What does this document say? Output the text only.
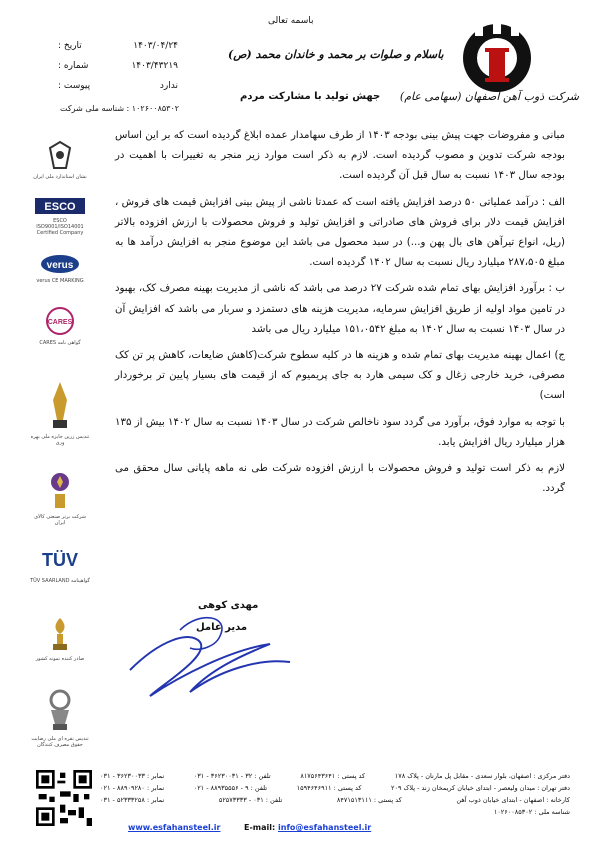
شرکت ذوب آهن اصفهان (سهامی عام)
باسمه تعالی
باسلام و صلوات بر محمد و خاندان محمد (ص)
جهش تولید با مشارکت مردم
تاریخ :	۱۴۰۳/۰۴/۲۴
شماره :	۱۴۰۳/۴۳۲۱۹
پیوست :	ندارد
۱۰۲۶۰۰۸۵۳۰۲ : شناسه ملی شرکت
نشان استاندارد ملی ایران
ESCO
ESCO ISO9001/ISO14001 Certified Company
verus
verus CE MARKING
CARES
CARES گواهی نامه
تندیس زرین جایزه ملی بهره وری
شرکت برتر صنعتی کالای ایران
TÜV
TÜV SAARLAND گواهینامه
صادر کننده نمونه کشور
تندیس نقره ای ملی رضایت حقوق مصرف کنندگان

مبانی و مفروضات جهت پیش بینی بودجه ۱۴۰۳ از طرف سهامدار عمده ابلاغ گردیده است که بر این اساس بودجه شرکت تدوین و مصوب گردیده است. لازم به ذکر است موارد زیر منجر به تغییرات با اهمیت در بودجه سال ۱۴۰۳ نسبت به سال قبل آن گردیده است.

الف : درآمد عملیاتی ۵۰ درصد افزایش یافته است که عمدتا ناشی از پیش بینی افزایش قیمت های فروش ، افزایش قیمت دلار برای فروش های صادراتی و افزایش تولید و فروش محصولات با ارزش افزوده بالاتر (ریل، انواع تیرآهن های بال پهن و...) در سبد محصول می باشد این موضوع منجر به افزایش درآمد ها به مبلغ ۲۸۷،۵۰۵ میلیارد ریال نسبت به سال ۱۴۰۲ گردیده است.

ب : برآورد افزایش بهای تمام شده شرکت ۲۷ درصد می باشد که ناشی از مدیریت بهینه مصرف کک، بهبود در تامین مواد اولیه از طریق افزایش سرمایه، مدیریت هزینه های دستمزد و سربار می باشد که افزایش آن در سال ۱۴۰۳ نسبت به سال ۱۴۰۲ به مبلغ ۱۵۱،۰۵۴۲ میلیارد ریال می باشد

ج) اعمال بهینه مدیریت بهای تمام شده و هزینه ها در کلیه سطوح شرکت(کاهش ضایعات، کاهش پر تن کک مصرفی، خرید خارجی زغال و کک سیمی هارد به جای پریمیوم که از قیمت های بسیار پایین تر برخوردار است)

با توجه به موارد فوق، برآورد می گردد سود ناخالص شرکت در سال ۱۴۰۳ نسبت به سال ۱۴۰۲ بیش از ۱۳۵ هزار میلیارد ریال افزایش یابد.

لازم به ذکر است تولید و فروش محصولات با ارزش افزوده شرکت طی نه ماهه پایانی سال محقق می گردد.

مهدی کوهی
مدیر عامل
دفتر مرکزی : اصفهان، بلوار سعدی - مقابل پل مارنان - پلاک ۱۷۸
کد پستی : ۸۱۷۵۶۴۳۶۴۱
تلفن : ۳۲ - ۳۶۲۳۰۰۳۱ - ۰۳۱
نمابر : ۳۶۲۳۰۰۳۳ - ۰۳۱
دفتر تهران : میدان ولیعصر - ابتدای خیابان کریمخان زند - پلاک ۲۰۹
کد پستی : ۱۵۹۴۶۴۶۹۱۱
تلفن : ۹ - ۸۸۹۳۵۵۵۶ - ۰۲۱
نمابر : ۸۸۹۰۹۲۸۰ - ۰۲۱
کارخانه : اصفهان - ابتدای خیابان ذوب آهن
کد پستی : ۸۴۷۱۵۱۳۱۱۱
تلفن : ۰۳۱ - ۵۲۵۷۳۳۳۳
نمابر : ۵۲۳۳۳۲۵۸ - ۰۳۱
شناسه ملی : ۱۰۲۶۰۰۸۵۳۰۲
www.esfahansteel.ir	E-mail: info@esfahansteel.ir
